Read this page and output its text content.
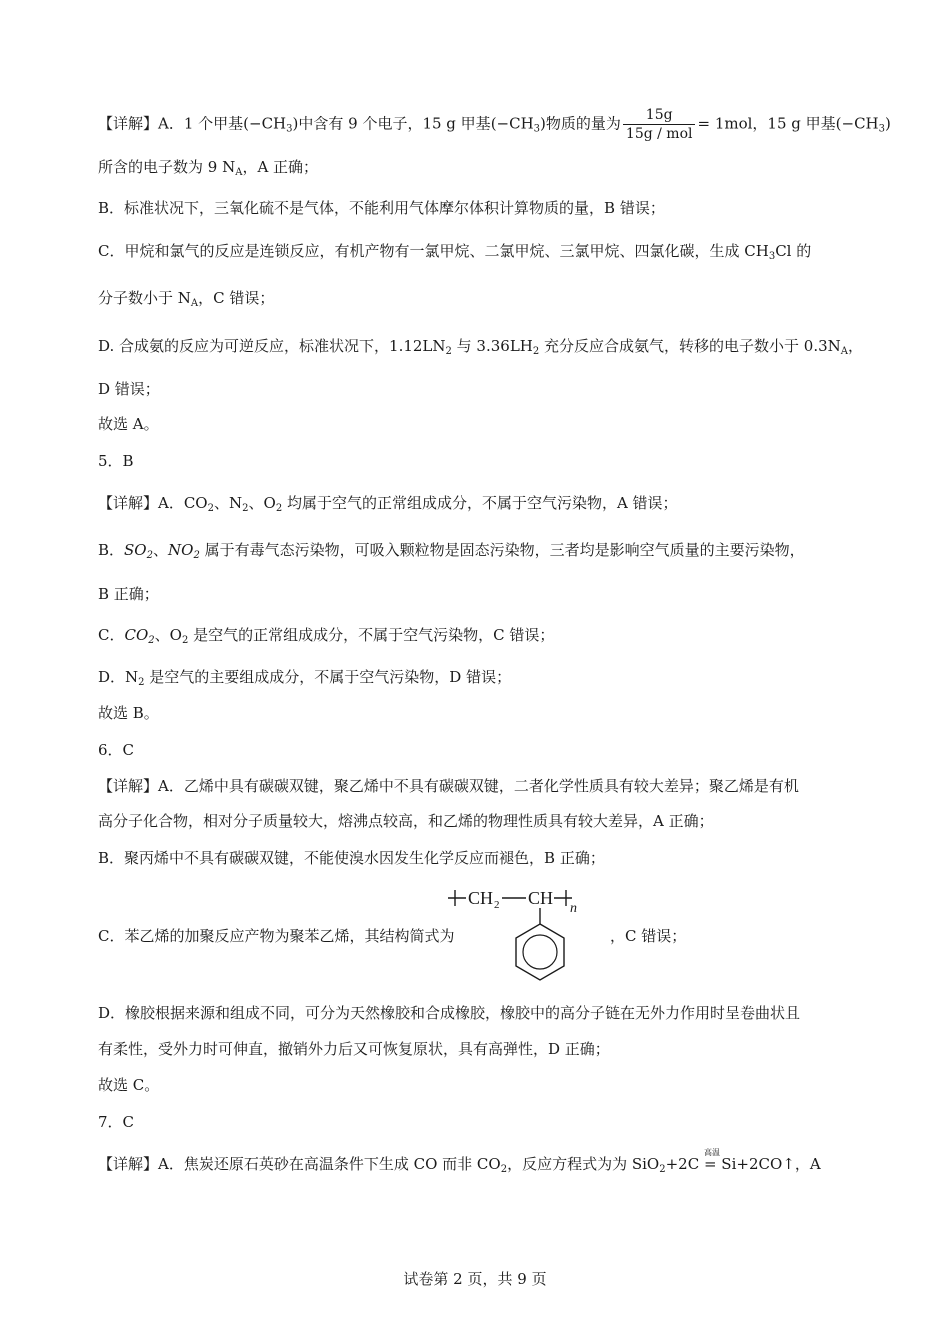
【详解】A．1 个甲基$(-CH_3)$中含有 9 个电子，15 g 甲基$(-CH_3)$物质的量为 $\frac{15g}{\text{15g / mol}} = 1mol$，15 g 甲基$(-CH_3)$
所含的电子数为 9 $N_A$，A 正确；
B．标准状况下，三氧化硫不是气体，不能利用气体摩尔体积计算物质的量，B 错误；
C．甲烷和氯气的反应是连锁反应，有机产物有一氯甲烷、二氯甲烷、三氯甲烷、四氯化碳，生成 $CH_3Cl$ 的
分子数小于 $N_A$，C 错误；
D. 合成氨的反应为可逆反应，标准状况下，$1.12LN_2$ 与 $3.36LH_2$ 充分反应合成氨气，转移的电子数小于 $0.3N_A$，
D 错误；
故选 A。
5．B
【详解】A．$CO_2$、$N_2$、$O_2$ 均属于空气的正常组成成分，不属于空气污染物，A 错误；
B．$SO_2$、$NO_2$ 属于有毒气态污染物，可吸入颗粒物是固态污染物，三者均是影响空气质量的主要污染物，
B 正确；
C．$CO_2$、$O_2$ 是空气的正常组成成分，不属于空气污染物，C 错误；
D．$N_2$ 是空气的主要组成成分，不属于空气污染物，D 错误；
故选 B。
6．C
【详解】A．乙烯中具有碳碳双键，聚乙烯中不具有碳碳双键，二者化学性质具有较大差异；聚乙烯是有机
高分子化合物，相对分子质量较大，熔沸点较高，和乙烯的物理性质具有较大差异，A 正确；
B．聚丙烯中不具有碳碳双键，不能使溴水因发生化学反应而褪色，B 正确；
C．苯乙烯的加聚反应产物为聚苯乙烯，其结构简式为	，C 错误；
CH 2 CH
n
D．橡胶根据来源和组成不同，可分为天然橡胶和合成橡胶，橡胶中的高分子链在无外力作用时呈卷曲状且
有柔性，受外力时可伸直，撤销外力后又可恢复原状，具有高弹性，D 正确；
故选 C。
7．C
【详解】A．焦炭还原石英砂在高温条件下生成 CO 而非 $CO_2$，反应方程式为为 SiO$_2$+2C
高温
= Si+2CO↑，A
试卷第 2 页，共 9 页
